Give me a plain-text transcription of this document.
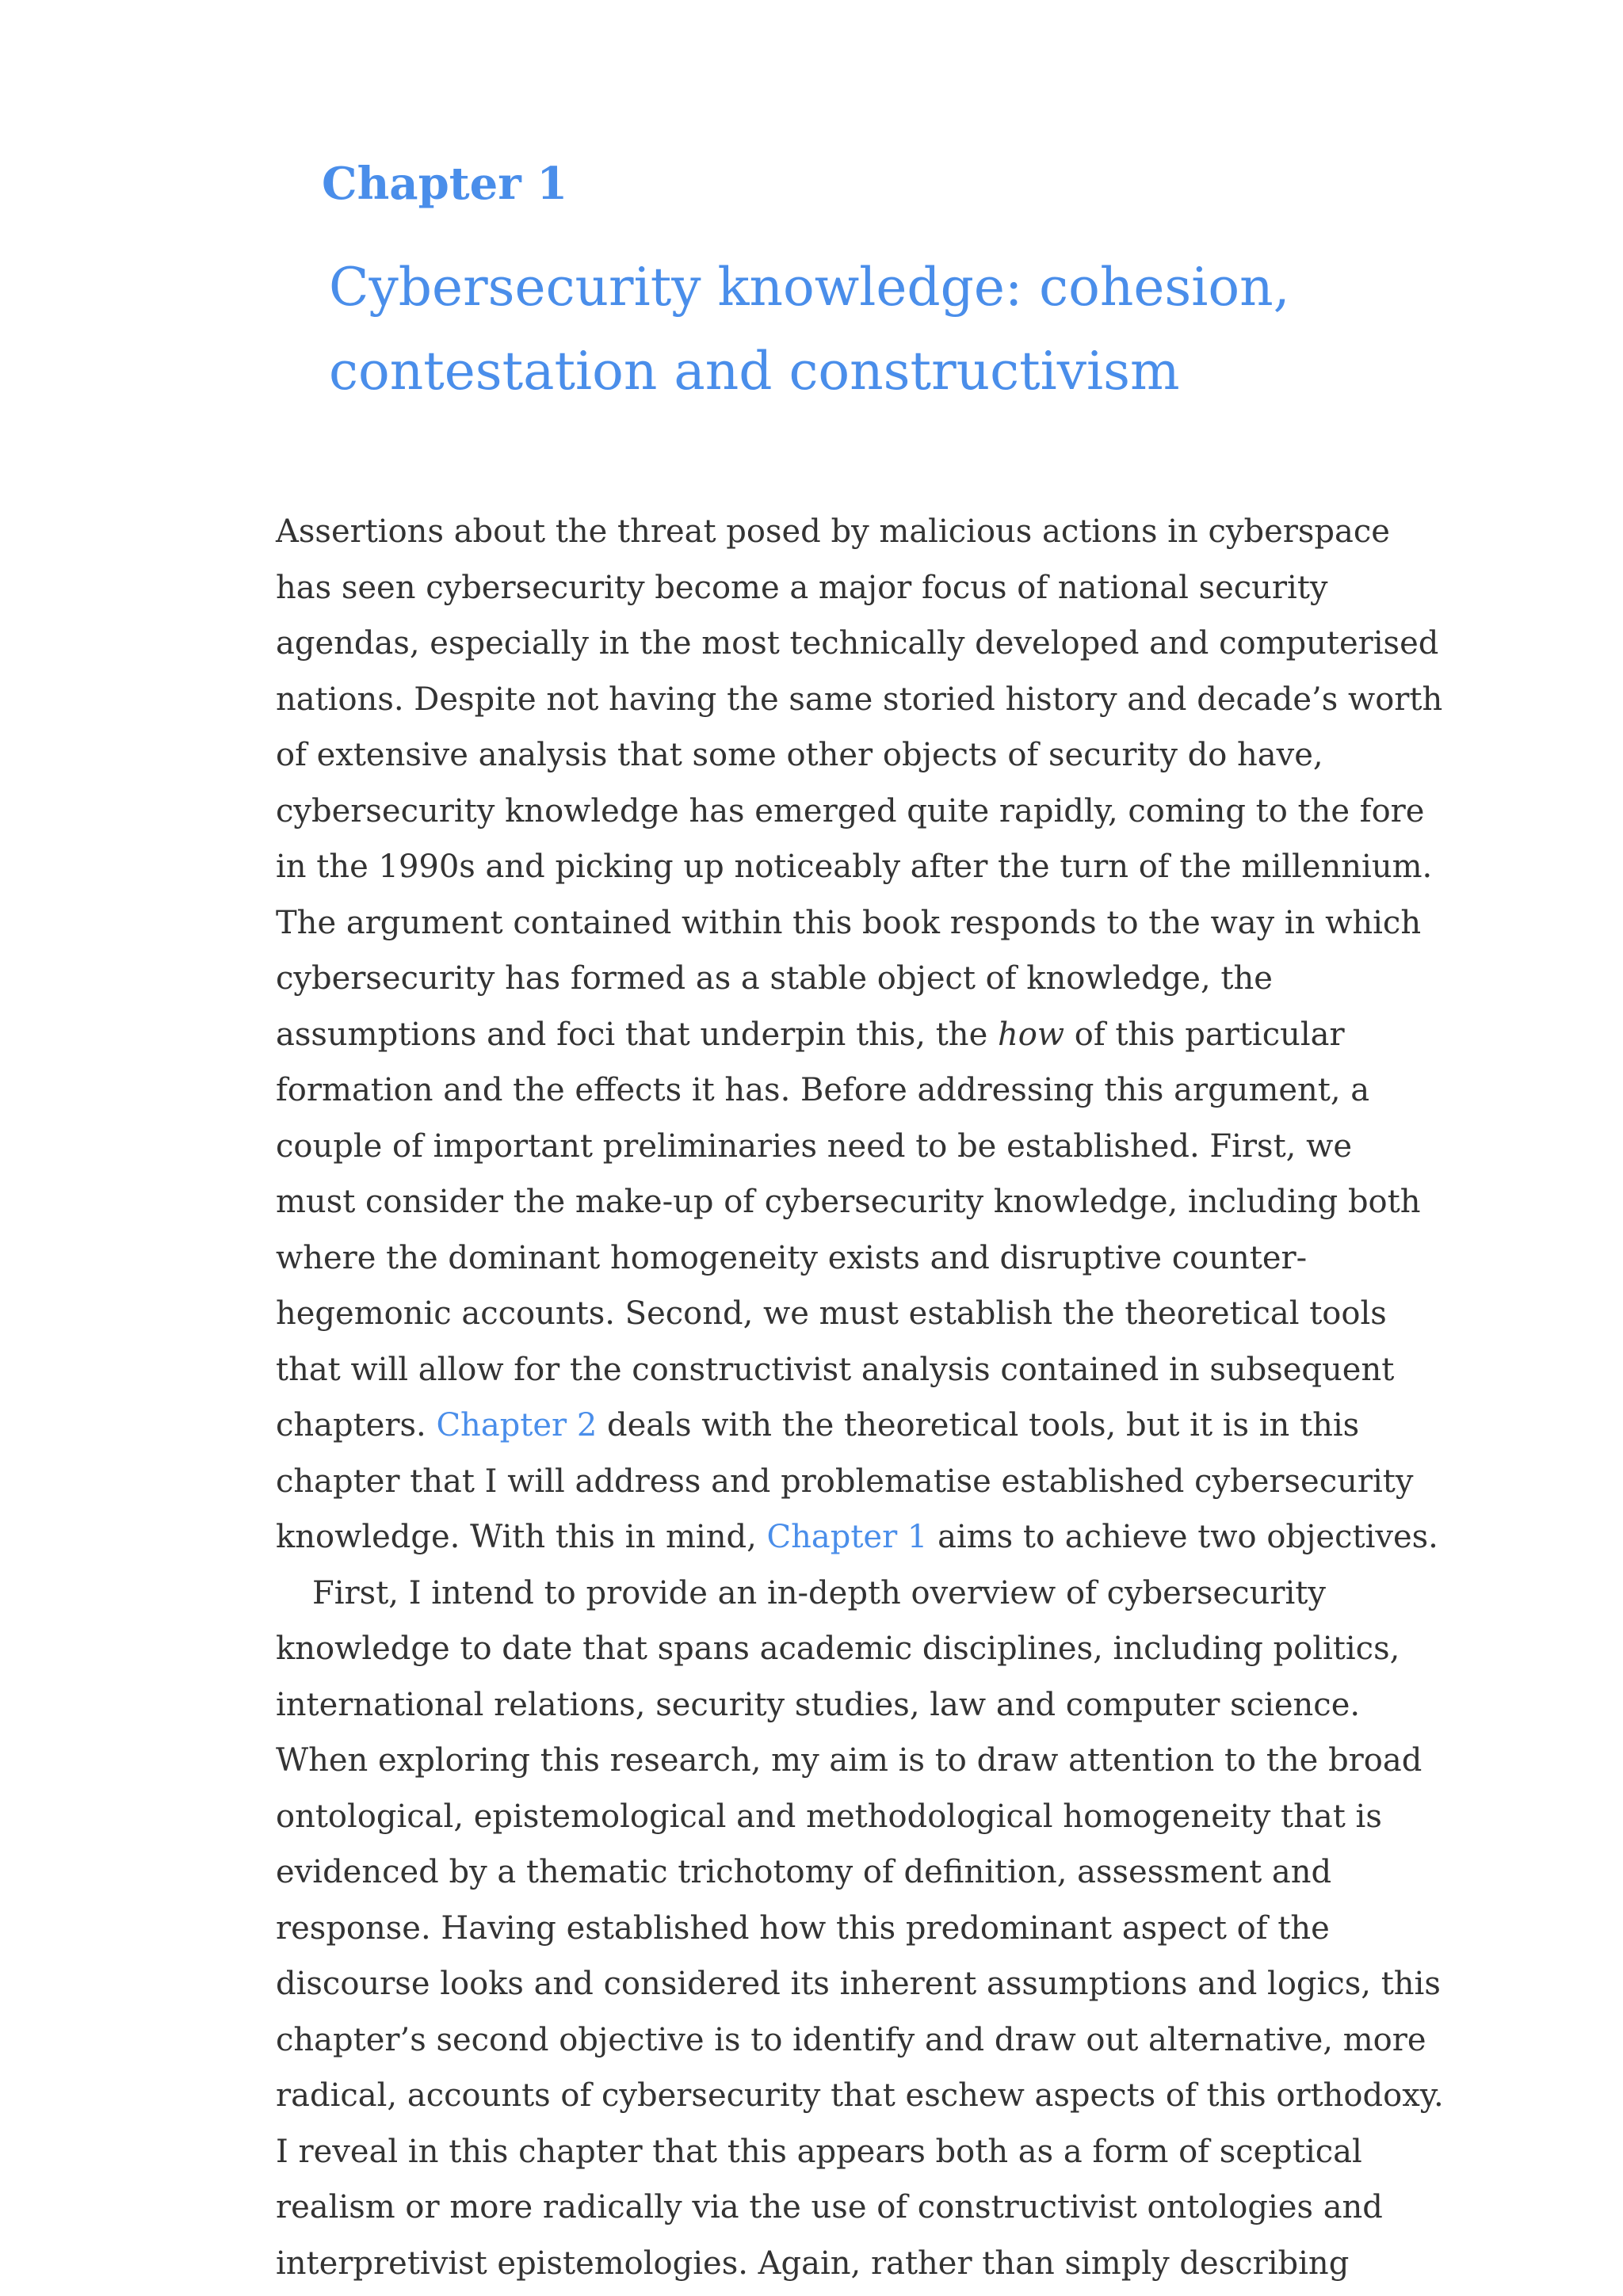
Chapter 1
Cybersecurity knowledge: cohesion,
contestation and constructivism
Assertions about the threat posed by malicious actions in cyberspace
has seen cybersecurity become a major focus of national security
agendas, especially in the most technically developed and computerised
nations. Despite not having the same storied history and decade’s worth
of extensive analysis that some other objects of security do have,
cybersecurity knowledge has emerged quite rapidly, coming to the fore
in the 1990s and picking up noticeably after the turn of the millennium.
The argument contained within this book responds to the way in which
cybersecurity has formed as a stable object of knowledge, the
assumptions and foci that underpin this, the how of this particular
formation and the effects it has. Before addressing this argument, a
couple of important preliminaries need to be established. First, we
must consider the make-up of cybersecurity knowledge, including both
where the dominant homogeneity exists and disruptive counter-
hegemonic accounts. Second, we must establish the theoretical tools
that will allow for the constructivist analysis contained in subsequent
chapters. Chapter 2 deals with the theoretical tools, but it is in this
chapter that I will address and problematise established cybersecurity
knowledge. With this in mind, Chapter 1 aims to achieve two objectives.
First, I intend to provide an in-depth overview of cybersecurity
knowledge to date that spans academic disciplines, including politics,
international relations, security studies, law and computer science.
When exploring this research, my aim is to draw attention to the broad
ontological, epistemological and methodological homogeneity that is
evidenced by a thematic trichotomy of definition, assessment and
response. Having established how this predominant aspect of the
discourse looks and considered its inherent assumptions and logics, this
chapter’s second objective is to identify and draw out alternative, more
radical, accounts of cybersecurity that eschew aspects of this orthodoxy.
I reveal in this chapter that this appears both as a form of sceptical
realism or more radically via the use of constructivist ontologies and
interpretivist epistemologies. Again, rather than simply describing
